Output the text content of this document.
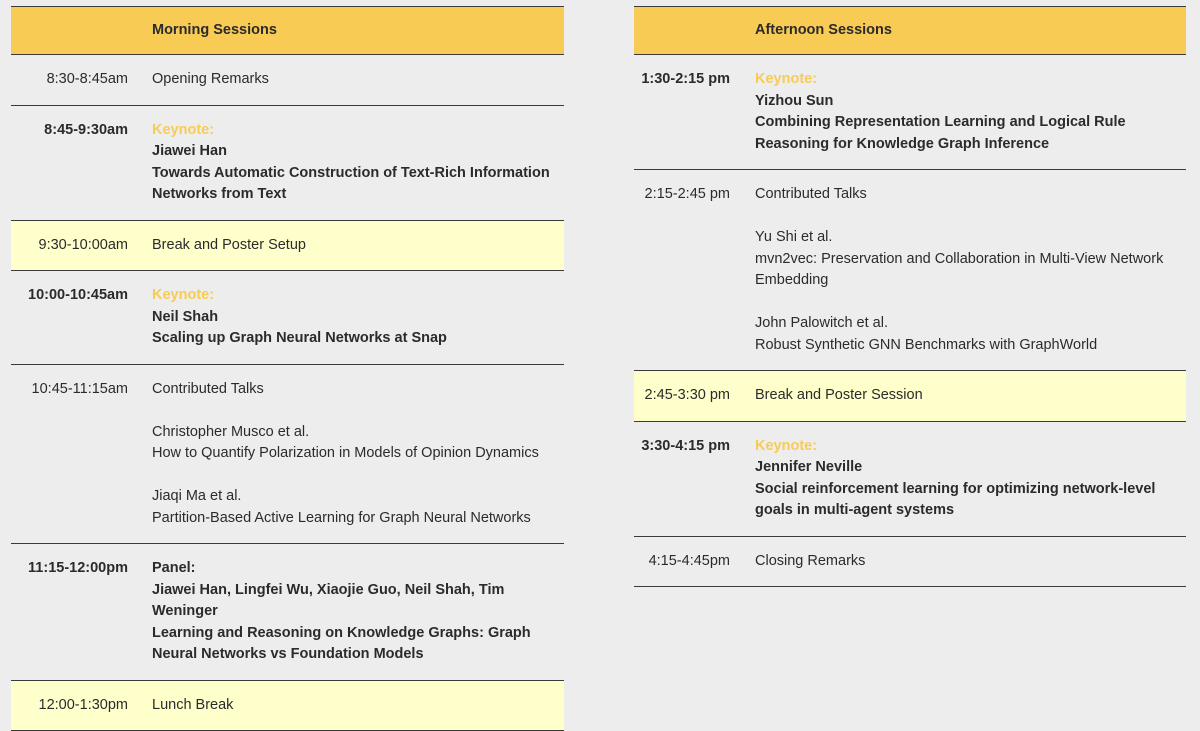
	Morning Sessions
8:30-8:45am	Opening Remarks
8:45-9:30am	Keynote:
Jiawei Han
Towards Automatic Construction of Text-Rich Information Networks from Text

9:30-10:00am	Break and Poster Setup
10:00-10:45am	Keynote:
Neil Shah
Scaling up Graph Neural Networks at Snap

10:45-11:15am	Contributed Talks
Christopher Musco et al.
How to Quantify Polarization in Models of Opinion Dynamics
Jiaqi Ma et al.
Partition-Based Active Learning for Graph Neural Networks

11:15-12:00pm	Panel:
Jiawei Han, Lingfei Wu, Xiaojie Guo, Neil Shah, Tim Weninger
Learning and Reasoning on Knowledge Graphs: Graph Neural Networks vs Foundation Models

12:00-1:30pm	Lunch Break
	Afternoon Sessions
1:30-2:15 pm	Keynote:
Yizhou Sun
Combining Representation Learning and Logical Rule Reasoning for Knowledge Graph Inference

2:15-2:45 pm	Contributed Talks
Yu Shi et al.
mvn2vec: Preservation and Collaboration in Multi-View Network Embedding
John Palowitch et al.
Robust Synthetic GNN Benchmarks with GraphWorld

2:45-3:30 pm	Break and Poster Session
3:30-4:15 pm	Keynote:
Jennifer Neville
Social reinforcement learning for optimizing network-level goals in multi-agent systems

4:15-4:45pm	Closing Remarks
